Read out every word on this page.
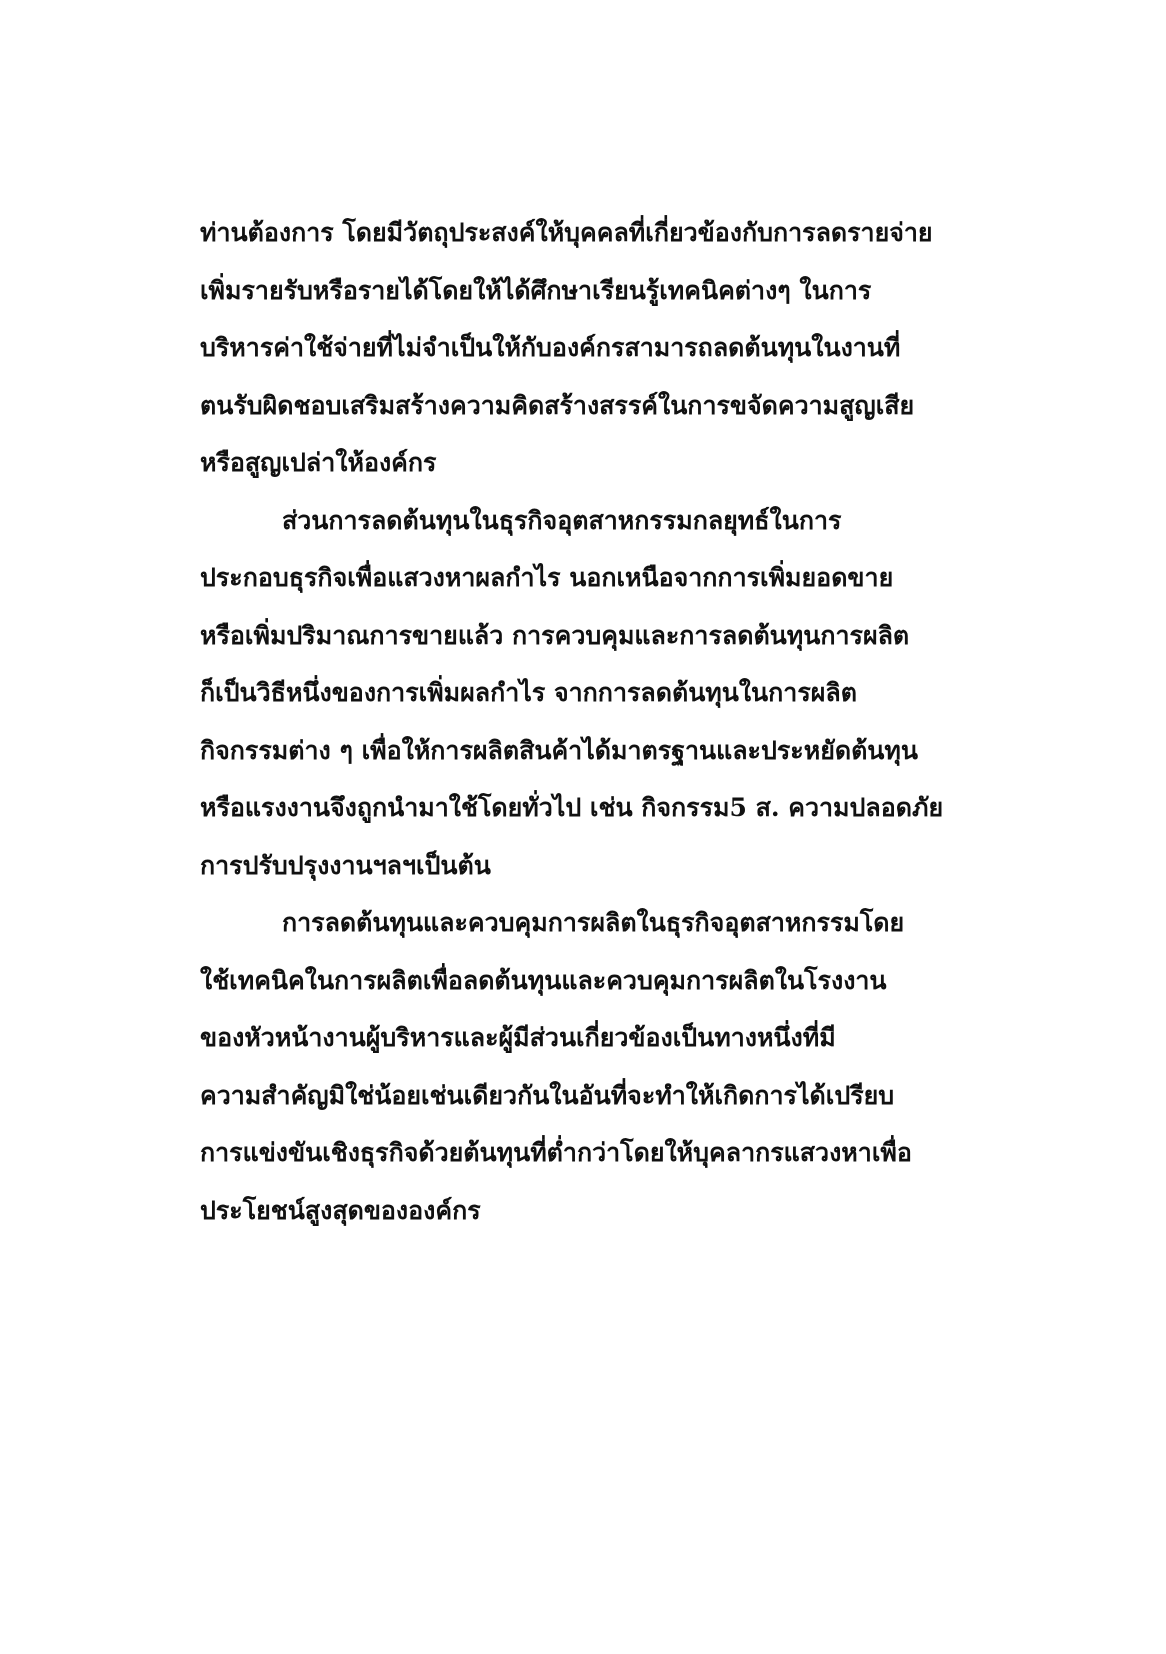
ท่านต้องการ โดยมีวัตถุประสงค์ให้บุคคลที่เกี่ยวข้องกับการลดรายจ่าย
เพิ่มรายรับหรือรายได้โดยให้ได้ศึกษาเรียนรู้เทคนิคต่างๆ ในการ
บริหารค่าใช้จ่ายที่ไม่จำเป็นให้กับองค์กรสามารถลดต้นทุนในงานที่
ตนรับผิดชอบเสริมสร้างความคิดสร้างสรรค์ในการขจัดความสูญเสีย
หรือสูญเปล่าให้องค์กร
ส่วนการลดต้นทุนในธุรกิจอุตสาหกรรมกลยุทธ์ในการ
ประกอบธุรกิจเพื่อแสวงหาผลกำไร นอกเหนือจากการเพิ่มยอดขาย
หรือเพิ่มปริมาณการขายแล้ว การควบคุมและการลดต้นทุนการผลิต
ก็เป็นวิธีหนึ่งของการเพิ่มผลกำไร จากการลดต้นทุนในการผลิต
กิจกรรมต่าง ๆ เพื่อให้การผลิตสินค้าได้มาตรฐานและประหยัดต้นทุน
หรือแรงงานจึงถูกนำมาใช้โดยทั่วไป เช่น กิจกรรม5 ส. ความปลอดภัย
การปรับปรุงงานฯลฯเป็นต้น
การลดต้นทุนและควบคุมการผลิตในธุรกิจอุตสาหกรรมโดย
ใช้เทคนิคในการผลิตเพื่อลดต้นทุนและควบคุมการผลิตในโรงงาน
ของหัวหน้างานผู้บริหารและผู้มีส่วนเกี่ยวข้องเป็นทางหนึ่งที่มี
ความสำคัญมิใช่น้อยเช่นเดียวกันในอันที่จะทำให้เกิดการได้เปรียบ
การแข่งขันเชิงธุรกิจด้วยต้นทุนที่ต่ำกว่าโดยให้บุคลากรแสวงหาเพื่อ
ประโยชน์สูงสุดขององค์กร
